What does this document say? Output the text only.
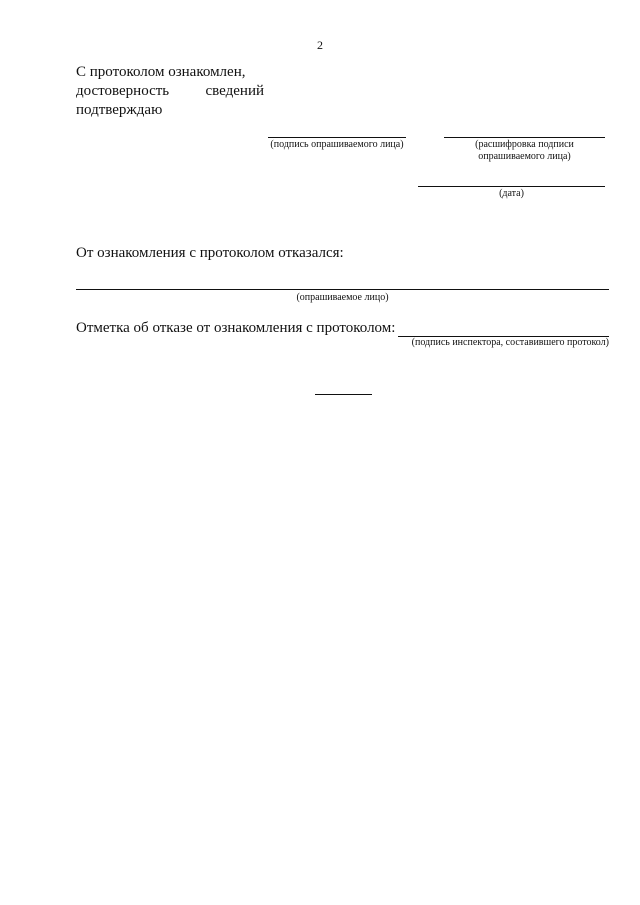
2
С протоколом ознакомлен,
достоверность сведений
подтверждаю
(подпись опрашиваемого лица)	(расшифровка подписи опрашиваемого лица)
(дата)
От ознакомления с протоколом отказался:
(опрашиваемое лицо)
Отметка об отказе от ознакомления с протоколом:
(подпись инспектора, составившего протокол)
